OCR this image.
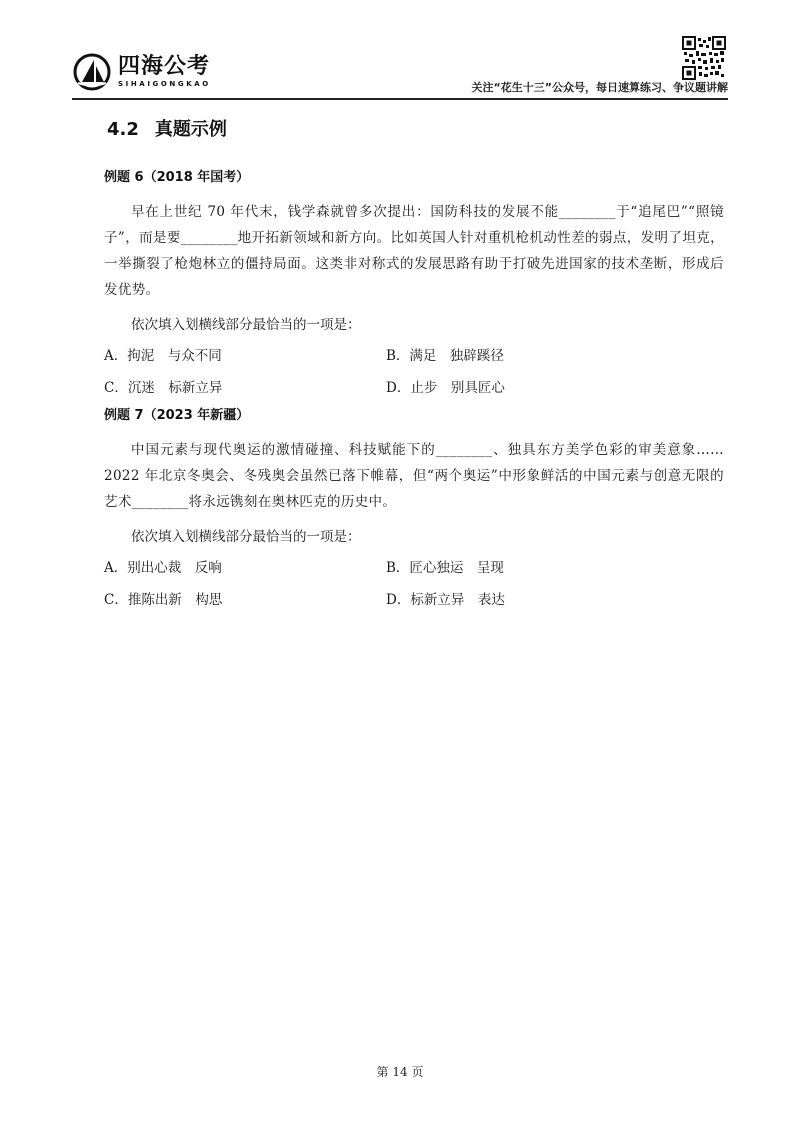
四海公考
SIHAIGONGKAO	关注“花生十三”公众号，每日速算练习、争议题讲解
4.2 真题示例
例题 6（2018 年国考）

早在上世纪 70 年代末，钱学森就曾多次提出：国防科技的发展不能________于“追尾巴”“照镜子”，而是要________地开拓新领域和新方向。比如英国人针对重机枪机动性差的弱点，发明了坦克，一举撕裂了枪炮林立的僵持局面。这类非对称式的发展思路有助于打破先进国家的技术垄断，形成后发优势。

依次填入划横线部分最恰当的一项是：

A．拘泥　与众不同	B．满足　独辟蹊径
C．沉迷　标新立异	D．止步　别具匠心
例题 7（2023 年新疆）

中国元素与现代奥运的激情碰撞、科技赋能下的________、独具东方美学色彩的审美意象……2022 年北京冬奥会、冬残奥会虽然已落下帷幕，但“两个奥运”中形象鲜活的中国元素与创意无限的艺术________将永远镌刻在奥林匹克的历史中。

依次填入划横线部分最恰当的一项是：

A．别出心裁　反响	B．匠心独运　呈现
C．推陈出新　构思	D．标新立异　表达
第 14 页
